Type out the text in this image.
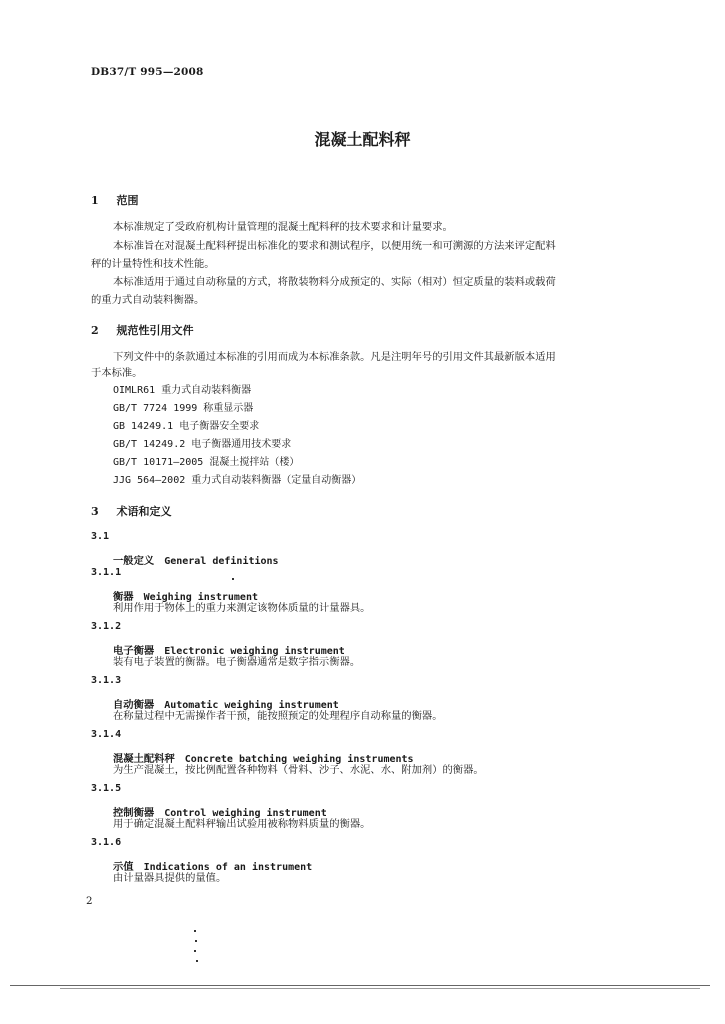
DB37/T 995—2008
混凝土配料秤
1 范围
本标准规定了受政府机构计量管理的混凝土配料秤的技术要求和计量要求。
本标准旨在对混凝土配料秤提出标准化的要求和测试程序，以便用统一和可溯源的方法来评定配料
秤的计量特性和技术性能。
本标准适用于通过自动称量的方式，将散装物料分成预定的、实际（相对）恒定质量的装料或载荷
的重力式自动装料衡器。
2 规范性引用文件
下列文件中的条款通过本标准的引用而成为本标准条款。凡是注明年号的引用文件其最新版本适用
于本标准。
OIMLR61 重力式自动装料衡器
GB/T 7724 1999 称重显示器
GB 14249.1 电子衡器安全要求
GB/T 14249.2 电子衡器通用技术要求
GB/T 10171—2005 混凝土搅拌站（楼）
JJG 564—2002 重力式自动装料衡器（定量自动衡器）
3 术语和定义
3.1
一般定义 General definitions
3.1.1
衡器 Weighing instrument
利用作用于物体上的重力来测定该物体质量的计量器具。
3.1.2
电子衡器 Electronic weighing instrument
装有电子装置的衡器。电子衡器通常是数字指示衡器。
3.1.3
自动衡器 Automatic weighing instrument
在称量过程中无需操作者干预，能按照预定的处理程序自动称量的衡器。
3.1.4
混凝土配料秤 Concrete batching weighing instruments
为生产混凝土，按比例配置各种物料（骨料、沙子、水泥、水、附加剂）的衡器。
3.1.5
控制衡器 Control weighing instrument
用于确定混凝土配料秤输出试验用被称物料质量的衡器。
3.1.6
示值 Indications of an instrument
由计量器具提供的量值。
2
